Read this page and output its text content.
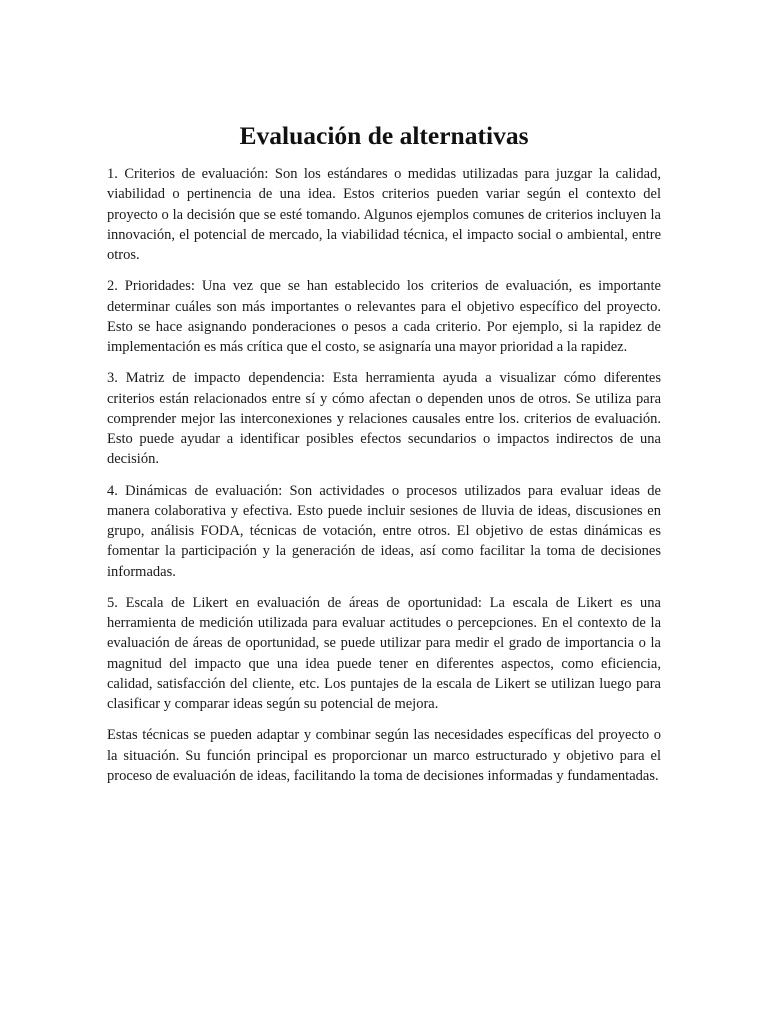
Evaluación de alternativas

1. Criterios de evaluación: Son los estándares o medidas utilizadas para juzgar la calidad, viabilidad o pertinencia de una idea. Estos criterios pueden variar según el contexto del proyecto o la decisión que se esté tomando. Algunos ejemplos comunes de criterios incluyen la innovación, el potencial de mercado, la viabilidad técnica, el impacto social o ambiental, entre otros.

2. Prioridades: Una vez que se han establecido los criterios de evaluación, es importante determinar cuáles son más importantes o relevantes para el objetivo específico del proyecto. Esto se hace asignando ponderaciones o pesos a cada criterio. Por ejemplo, si la rapidez de implementación es más crítica que el costo, se asignaría una mayor prioridad a la rapidez.

3. Matriz de impacto dependencia: Esta herramienta ayuda a visualizar cómo diferentes criterios están relacionados entre sí y cómo afectan o dependen unos de otros. Se utiliza para comprender mejor las interconexiones y relaciones causales entre los. criterios de evaluación. Esto puede ayudar a identificar posibles efectos secundarios o impactos indirectos de una decisión.

4. Dinámicas de evaluación: Son actividades o procesos utilizados para evaluar ideas de manera colaborativa y efectiva. Esto puede incluir sesiones de lluvia de ideas, discusiones en grupo, análisis FODA, técnicas de votación, entre otros. El objetivo de estas dinámicas es fomentar la participación y la generación de ideas, así como facilitar la toma de decisiones informadas.

5. Escala de Likert en evaluación de áreas de oportunidad: La escala de Likert es una herramienta de medición utilizada para evaluar actitudes o percepciones. En el contexto de la evaluación de áreas de oportunidad, se puede utilizar para medir el grado de importancia o la magnitud del impacto que una idea puede tener en diferentes aspectos, como eficiencia, calidad, satisfacción del cliente, etc. Los puntajes de la escala de Likert se utilizan luego para clasificar y comparar ideas según su potencial de mejora.

Estas técnicas se pueden adaptar y combinar según las necesidades específicas del proyecto o la situación. Su función principal es proporcionar un marco estructurado y objetivo para el proceso de evaluación de ideas, facilitando la toma de decisiones informadas y fundamentadas.
